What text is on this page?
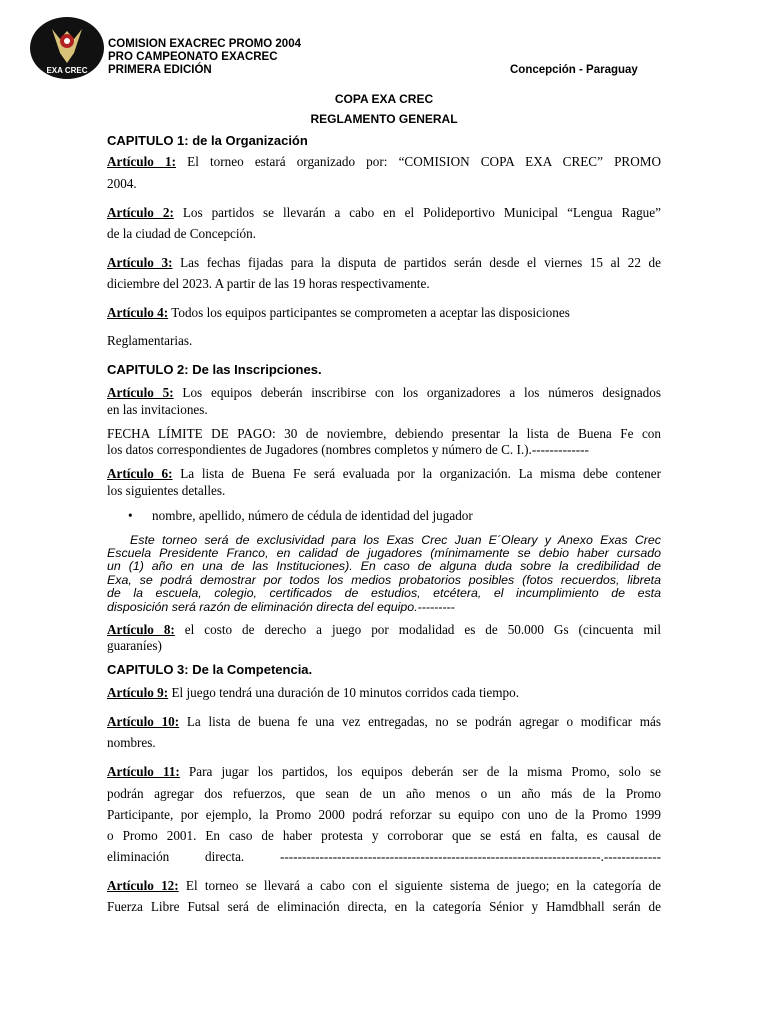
EXA CREC
COMISION EXACREC PROMO 2004
PRO CAMPEONATO EXACREC
PRIMERA EDICIÓN	Concepción - Paraguay
COPA EXA CREC
REGLAMENTO GENERAL
CAPITULO 1: de la Organización
Artículo 1: El torneo estará organizado por: “COMISION COPA EXA CREC” PROMO
2004.
Artículo 2: Los partidos se llevarán a cabo en el Polideportivo Municipal “Lengua Rague”
de la ciudad de Concepción.
Artículo 3: Las fechas fijadas para la disputa de partidos serán desde el viernes 15 al 22 de
diciembre del 2023. A partir de las 19 horas respectivamente.
Artículo 4: Todos los equipos participantes se comprometen a aceptar las disposiciones
Reglamentarias.
CAPITULO 2: De las Inscripciones.
Artículo 5: Los equipos deberán inscribirse con los organizadores a los números designados
en las invitaciones.
FECHA LÍMITE DE PAGO: 30 de noviembre, debiendo presentar la lista de Buena Fe con
los datos correspondientes de Jugadores (nombres completos y número de C. I.).-------------
Artículo 6: La lista de Buena Fe será evaluada por la organización. La misma debe contener
los siguientes detalles.
• nombre, apellido, número de cédula de identidad del jugador
Este torneo será de exclusividad para los Exas Crec Juan E´Oleary y Anexo Exas Crec
Escuela Presidente Franco, en calidad de jugadores (mínimamente se debio haber cursado
un (1) año en una de las Instituciones). En caso de alguna duda sobre la credibilidad de
Exa, se podrá demostrar por todos los medios probatorios posibles (fotos recuerdos, libreta
de la escuela, colegio, certificados de estudios, etcétera, el incumplimiento de esta
disposición será razón de eliminación directa del equipo.---------
Artículo 8: el costo de derecho a juego por modalidad es de 50.000 Gs (cincuenta mil
guaraníes)
CAPITULO 3: De la Competencia.
Artículo 9: El juego tendrá una duración de 10 minutos corridos cada tiempo.
Artículo 10: La lista de buena fe una vez entregadas, no se podrán agregar o modificar más
nombres.
Artículo 11: Para jugar los partidos, los equipos deberán ser de la misma Promo, solo se
podrán agregar dos refuerzos, que sean de un año menos o un año más de la Promo
Participante, por ejemplo, la Promo 2000 podrá reforzar su equipo con uno de la Promo 1999
o Promo 2001. En caso de haber protesta y corroborar que se está en falta, es causal de
eliminación directa. -------------------------------------------------------------------------.-------------
Artículo 12: El torneo se llevará a cabo con el siguiente sistema de juego; en la categoría de
Fuerza Libre Futsal será de eliminación directa, en la categoría Sénior y Hamdbhall serán de
